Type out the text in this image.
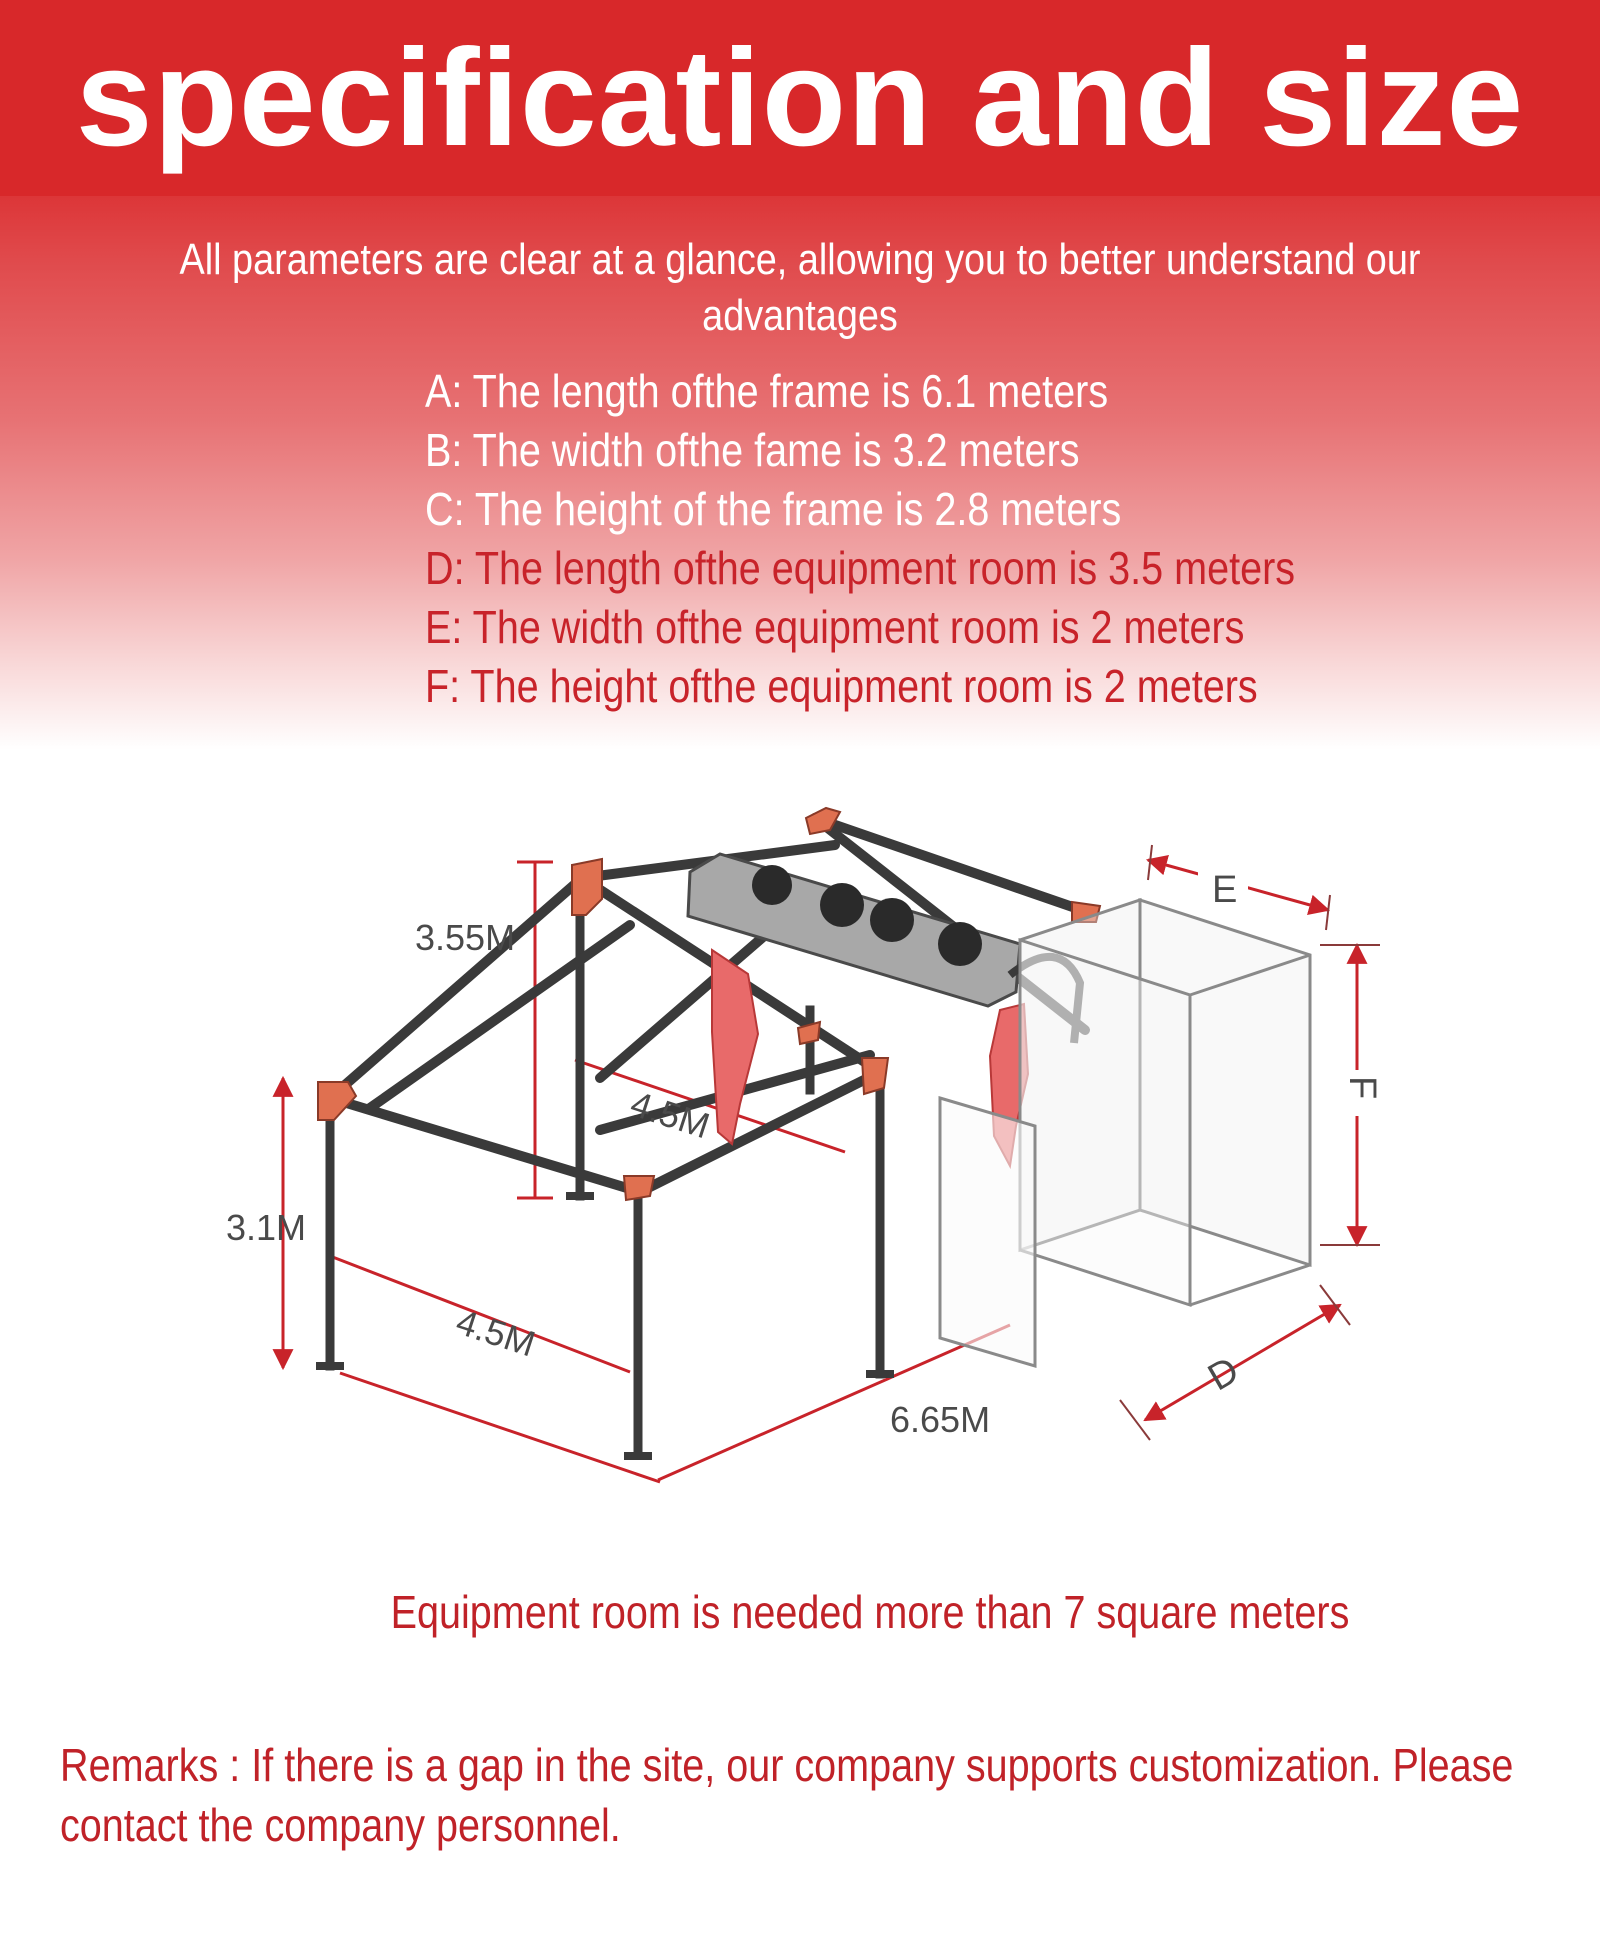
specification and size
All parameters are clear at a glance, allowing you to better understand our advantages
A: The length ofthe frame is 6.1 meters
B: The width ofthe fame is 3.2 meters
C: The height of the frame is 2.8 meters
D: The length ofthe equipment room is 3.5 meters
E: The width ofthe equipment room is 2 meters
F: The height ofthe equipment room is 2 meters
3.55M
3.1M
4.5M
4.5M
6.65M
E
F
D
Equipment room is needed more than 7 square meters
Remarks : If there is a gap in the site, our company supports customization. Please
contact the company personnel.
